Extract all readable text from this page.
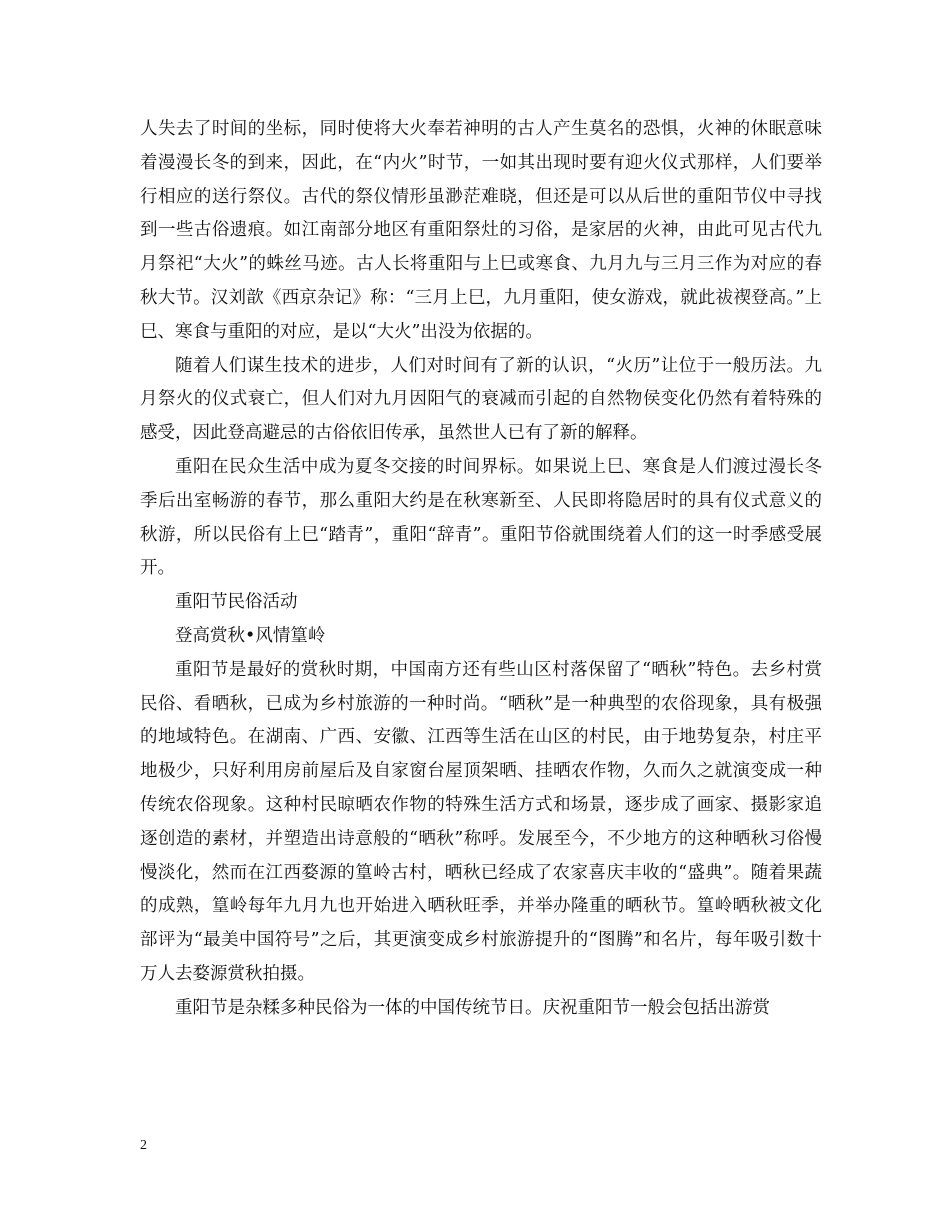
人失去了时间的坐标，同时使将大火奉若神明的古人产生莫名的恐惧，火神的休眠意味着漫漫长冬的到来，因此，在“内火”时节，一如其出现时要有迎火仪式那样，人们要举行相应的送行祭仪。古代的祭仪情形虽渺茫难晓，但还是可以从后世的重阳节仪中寻找到一些古俗遗痕。如江南部分地区有重阳祭灶的习俗，是家居的火神，由此可见古代九月祭祀“大火”的蛛丝马迹。古人长将重阳与上巳或寒食、九月九与三月三作为对应的春秋大节。汉刘歆《西京杂记》称：“三月上巳，九月重阳，使女游戏，就此祓禊登高。”上巳、寒食与重阳的对应，是以“大火”出没为依据的。

随着人们谋生技术的进步，人们对时间有了新的认识，“火历”让位于一般历法。九月祭火的仪式衰亡，但人们对九月因阳气的衰减而引起的自然物侯变化仍然有着特殊的感受，因此登高避忌的古俗依旧传承，虽然世人已有了新的解释。

重阳在民众生活中成为夏冬交接的时间界标。如果说上巳、寒食是人们渡过漫长冬季后出室畅游的春节，那么重阳大约是在秋寒新至、人民即将隐居时的具有仪式意义的秋游，所以民俗有上巳“踏青”，重阳“辞青”。重阳节俗就围绕着人们的这一时季感受展开。

重阳节民俗活动

登高赏秋•风情篁岭

重阳节是最好的赏秋时期，中国南方还有些山区村落保留了“晒秋”特色。去乡村赏民俗、看晒秋，已成为乡村旅游的一种时尚。“晒秋”是一种典型的农俗现象，具有极强的地域特色。在湖南、广西、安徽、江西等生活在山区的村民，由于地势复杂，村庄平地极少，只好利用房前屋后及自家窗台屋顶架晒、挂晒农作物，久而久之就演变成一种传统农俗现象。这种村民晾晒农作物的特殊生活方式和场景，逐步成了画家、摄影家追逐创造的素材，并塑造出诗意般的“晒秋”称呼。发展至今，不少地方的这种晒秋习俗慢慢淡化，然而在江西婺源的篁岭古村，晒秋已经成了农家喜庆丰收的“盛典”。随着果蔬的成熟，篁岭每年九月九也开始进入晒秋旺季，并举办隆重的晒秋节。篁岭晒秋被文化部评为“最美中国符号”之后，其更演变成乡村旅游提升的“图腾”和名片，每年吸引数十万人去婺源赏秋拍摄。

重阳节是杂糅多种民俗为一体的中国传统节日。庆祝重阳节一般会包括出游赏

2
